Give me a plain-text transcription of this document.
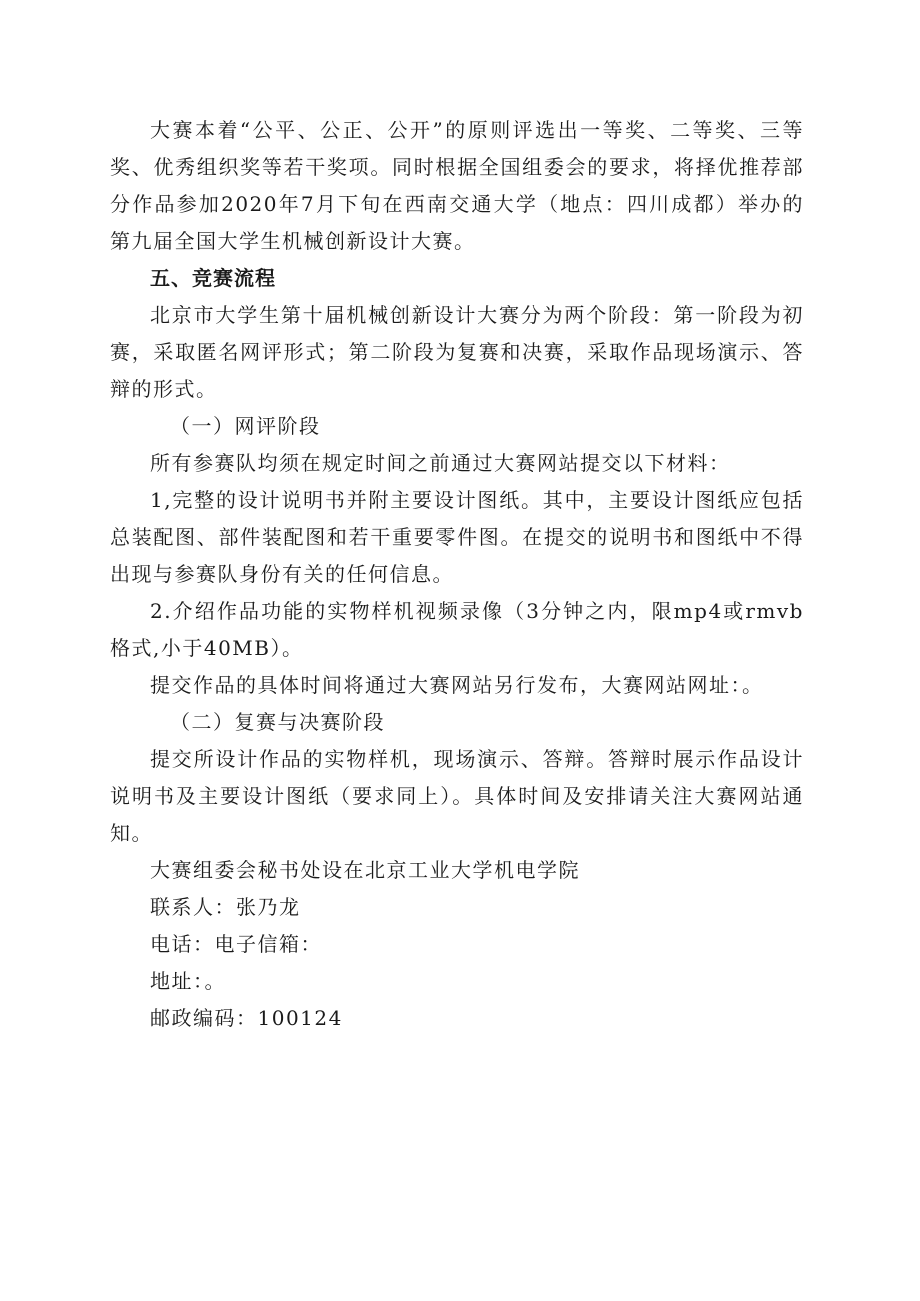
大赛本着“公平、公正、公开”的原则评选出一等奖、二等奖、三等奖、优秀组织奖等若干奖项。同时根据全国组委会的要求，将择优推荐部分作品参加2020年7月下旬在西南交通大学（地点：四川成都）举办的第九届全国大学生机械创新设计大赛。

五、竞赛流程

北京市大学生第十届机械创新设计大赛分为两个阶段：第一阶段为初赛，采取匿名网评形式；第二阶段为复赛和决赛，采取作品现场演示、答辩的形式。

（一）网评阶段

所有参赛队均须在规定时间之前通过大赛网站提交以下材料：

1,完整的设计说明书并附主要设计图纸。其中，主要设计图纸应包括总装配图、部件装配图和若干重要零件图。在提交的说明书和图纸中不得出现与参赛队身份有关的任何信息。

2.介绍作品功能的实物样机视频录像（3分钟之内，限mp4或rmvb格式,小于40MB）。

提交作品的具体时间将通过大赛网站另行发布，大赛网站网址：。

（二）复赛与决赛阶段

提交所设计作品的实物样机，现场演示、答辩。答辩时展示作品设计说明书及主要设计图纸（要求同上）。具体时间及安排请关注大赛网站通知。

大赛组委会秘书处设在北京工业大学机电学院

联系人：张乃龙

电话：电子信箱：

地址：。

邮政编码：100124
